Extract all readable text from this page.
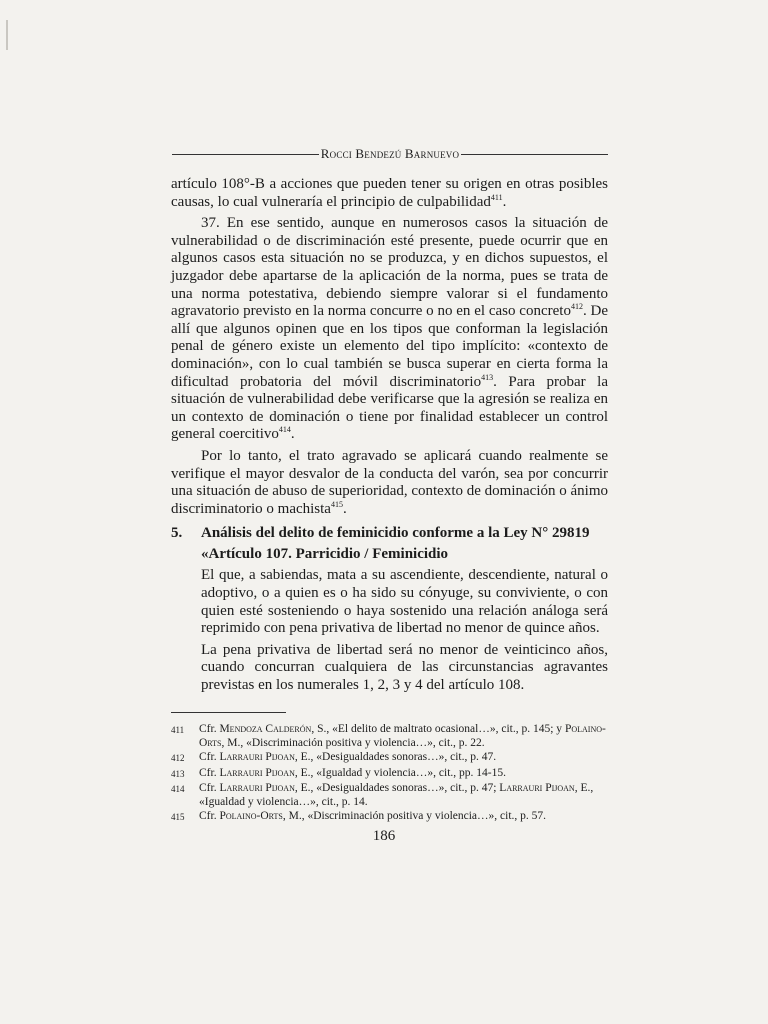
Rocci Bendezú Barnuevo

artículo 108°-B a acciones que pueden tener su origen en otras posibles causas, lo cual vulneraría el principio de culpabilidad$^{411}$.

37. En ese sentido, aunque en numerosos casos la situación de vulnerabilidad o de discriminación esté presente, puede ocurrir que en algunos casos esta situación no se produzca, y en dichos supuestos, el juzgador debe apartarse de la aplicación de la norma, pues se trata de una norma potestativa, debiendo siempre valorar si el fundamento agravatorio previsto en la norma concurre o no en el caso concreto$^{412}$. De allí que algunos opinen que en los tipos que conforman la legislación penal de género existe un elemento del tipo implícito: «contexto de dominación», con lo cual también se busca superar en cierta forma la dificultad probatoria del móvil discriminatorio$^{413}$. Para probar la situación de vulnerabilidad debe verificarse que la agresión se realiza en un contexto de dominación o tiene por finalidad establecer un control general coercitivo$^{414}$.

Por lo tanto, el trato agravado se aplicará cuando realmente se verifique el mayor desvalor de la conducta del varón, sea por concurrir una situación de abuso de superioridad, contexto de dominación o ánimo discriminatorio o machista$^{415}$.

5.	Análisis del delito de feminicidio conforme a la Ley N° 29819

«Artículo 107. Parricidio / Feminicidio

El que, a sabiendas, mata a su ascendiente, descendiente, natural o adoptivo, o a quien es o ha sido su cónyuge, su conviviente, o con quien esté sosteniendo o haya sostenido una relación análoga será reprimido con pena privativa de libertad no menor de quince años.

La pena privativa de libertad será no menor de veinticinco años, cuando concurran cualquiera de las circunstancias agravantes previstas en los numerales 1, 2, 3 y 4 del artículo 108.

411	Cfr. Mendoza Calderón, S., «El delito de maltrato ocasional…», cit., p. 145; y Polaino-Orts, M., «Discriminación positiva y violencia…», cit., p. 22.
412	Cfr. Larrauri Pijoan, E., «Desigualdades sonoras…», cit., p. 47.
413	Cfr. Larrauri Pijoan, E., «Igualdad y violencia…», cit., pp. 14-15.
414	Cfr. Larrauri Pijoan, E., «Desigualdades sonoras…», cit., p. 47; Larrauri Pijoan, E., «Igualdad y violencia…», cit., p. 14.
415	Cfr. Polaino-Orts, M., «Discriminación positiva y violencia…», cit., p. 57.
186
